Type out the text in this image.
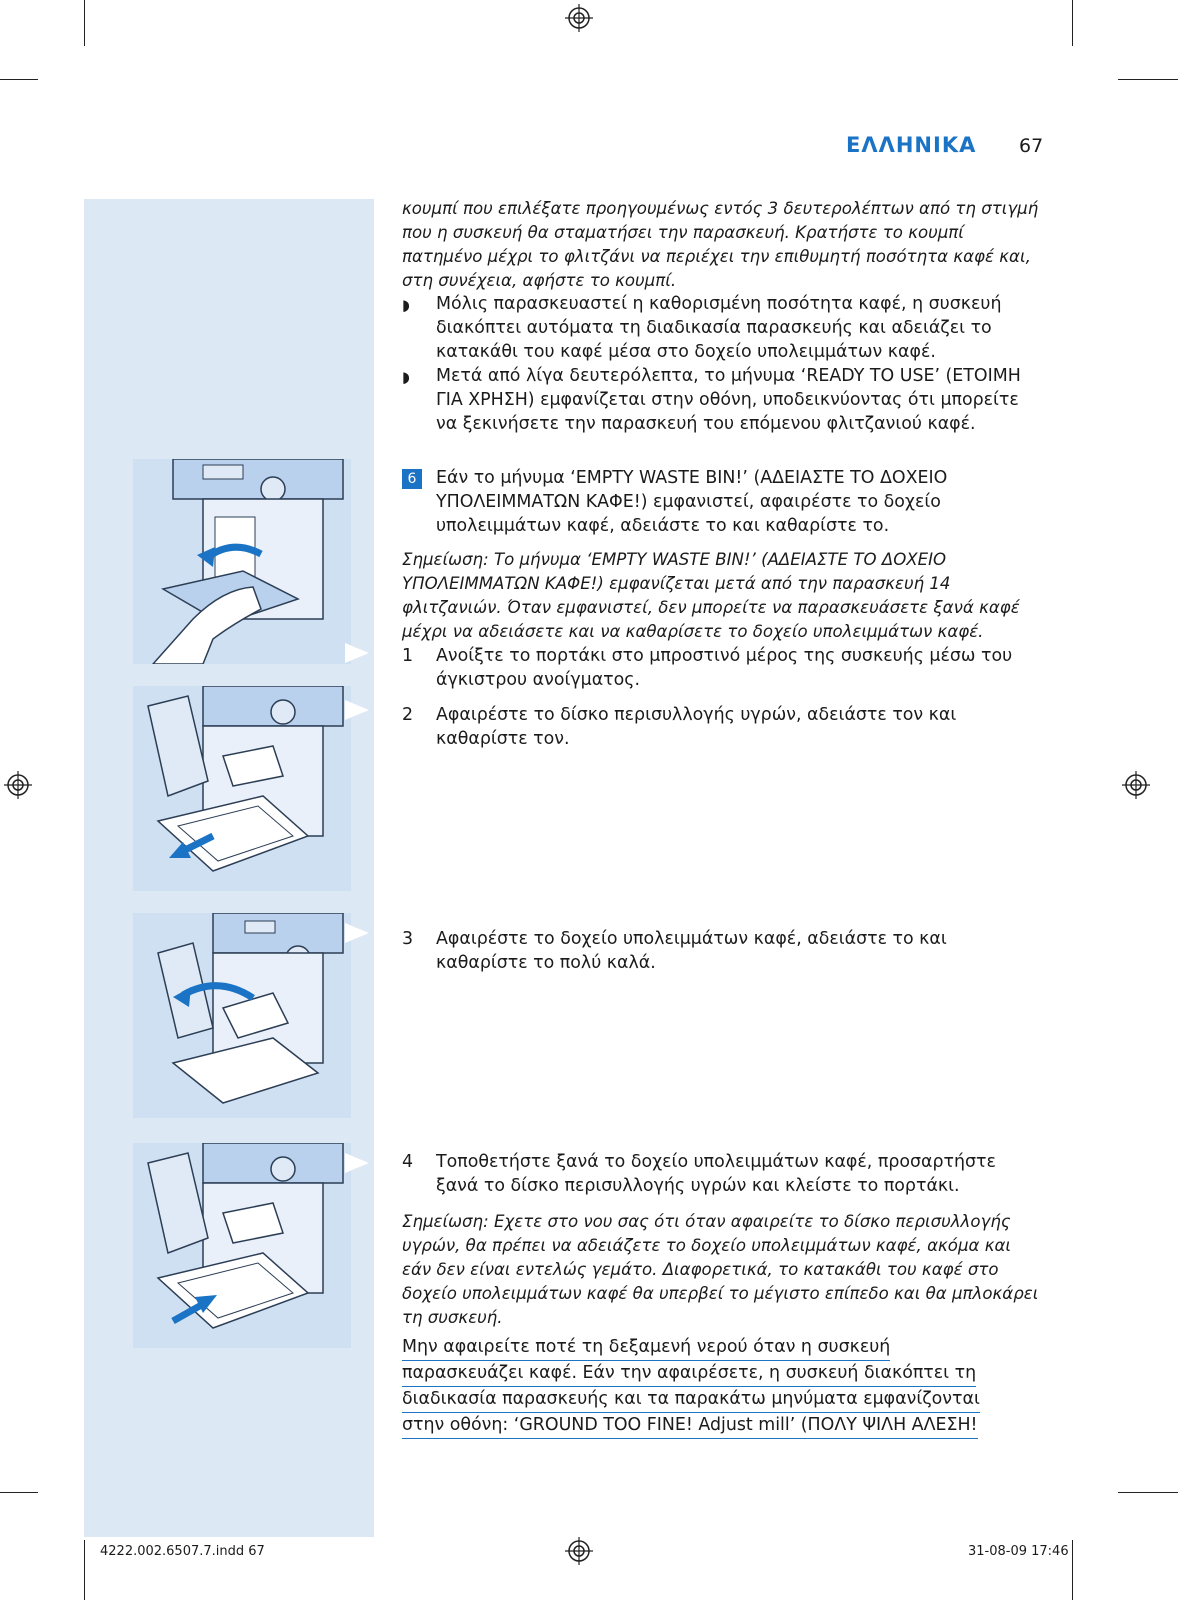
ΕΛΛΗΝΙΚΑ 67
κουμπί που επιλέξατε προηγουμένως εντός 3 δευτερολέπτων από τη στιγμή που η συσκευή θα σταματήσει την παρασκευή. Κρατήστε το κουμπί πατημένο μέχρι το φλιτζάνι να περιέχει την επιθυμητή ποσότητα καφέ και, στη συνέχεια, αφήστε το κουμπί.
◗	Μόλις παρασκευαστεί η καθορισμένη ποσότητα καφέ, η συσκευή διακόπτει αυτόματα τη διαδικασία παρασκευής και αδειάζει το κατακάθι του καφέ μέσα στο δοχείο υπολειμμάτων καφέ.
◗	Μετά από λίγα δευτερόλεπτα, το μήνυμα ‘READY TO USE’ (ΕΤΟΙΜΗ ΓΙΑ ΧΡΗΣΗ) εμφανίζεται στην οθόνη, υποδεικνύοντας ότι μπορείτε να ξεκινήσετε την παρασκευή του επόμενου φλιτζανιού καφέ.
6	Εάν το μήνυμα ‘EMPTY WASTE BIN!’ (ΑΔΕΙΑΣΤΕ ΤΟ ΔΟΧΕΙΟ ΥΠΟΛΕΙΜΜΑΤΩΝ ΚΑΦΕ!) εμφανιστεί, αφαιρέστε το δοχείο υπολειμμάτων καφέ, αδειάστε το και καθαρίστε το.
Σημείωση: Το μήνυμα ‘EMPTY WASTE BIN!’ (ΑΔΕΙΑΣΤΕ ΤΟ ΔΟΧΕΙΟ ΥΠΟΛΕΙΜΜΑΤΩΝ ΚΑΦΕ!) εμφανίζεται μετά από την παρασκευή 14 φλιτζανιών. Όταν εμφανιστεί, δεν μπορείτε να παρασκευάσετε ξανά καφέ μέχρι να αδειάσετε και να καθαρίσετε το δοχείο υπολειμμάτων καφέ.
1	Ανοίξτε το πορτάκι στο μπροστινό μέρος της συσκευής μέσω του άγκιστρου ανοίγματος.
2	Αφαιρέστε το δίσκο περισυλλογής υγρών, αδειάστε τον και καθαρίστε τον.
3	Αφαιρέστε το δοχείο υπολειμμάτων καφέ, αδειάστε το και καθαρίστε το πολύ καλά.
4	Τοποθετήστε ξανά το δοχείο υπολειμμάτων καφέ, προσαρτήστε ξανά το δίσκο περισυλλογής υγρών και κλείστε το πορτάκι.
Σημείωση: Εχετε στο νου σας ότι όταν αφαιρείτε το δίσκο περισυλλογής υγρών, θα πρέπει να αδειάζετε το δοχείο υπολειμμάτων καφέ, ακόμα και εάν δεν είναι εντελώς γεμάτο. Διαφορετικά, το κατακάθι του καφέ στο δοχείο υπολειμμάτων καφέ θα υπερβεί το μέγιστο επίπεδο και θα μπλοκάρει τη συσκευή.
Μην αφαιρείτε ποτέ τη δεξαμενή νερού όταν η συσκευή
παρασκευάζει καφέ. Εάν την αφαιρέσετε, η συσκευή διακόπτει τη
διαδικασία παρασκευής και τα παρακάτω μηνύματα εμφανίζονται
στην οθόνη: ‘GROUND TOO FINE! Adjust mill’ (ΠΟΛΥ ΨΙΛΗ ΑΛΕΣΗ!
4222.002.6507.7.indd 67	31-08-09 17:46
